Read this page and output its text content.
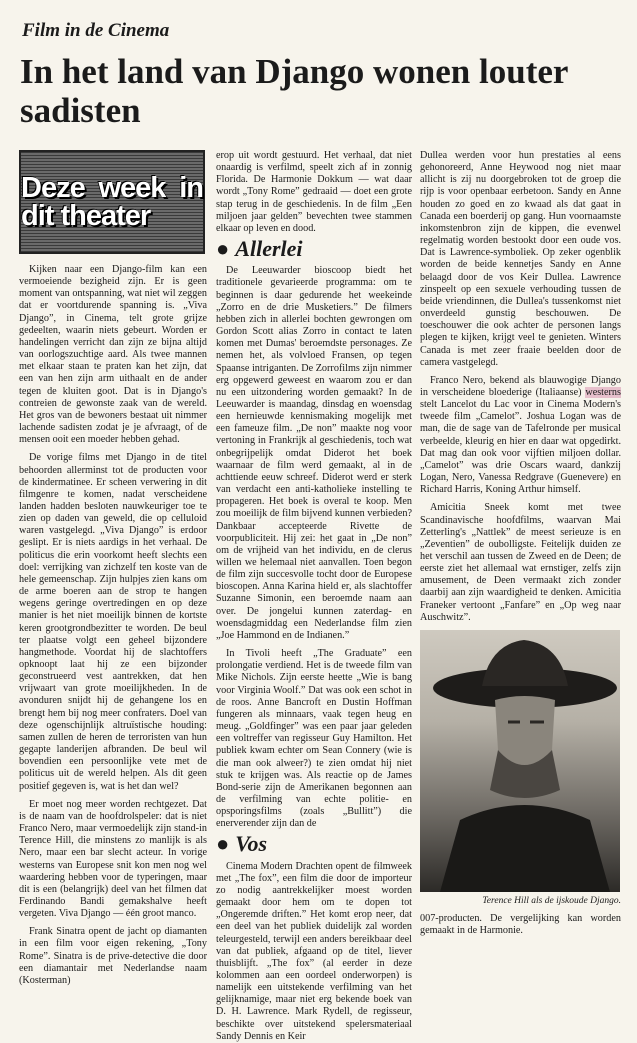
Film in de Cinema
In het land van Django wonen louter sadisten
Deze week in dit theater

Kijken naar een Django-film kan een vermoeiende bezigheid zijn. Er is geen moment van ontspanning, wat niet wil zeggen dat er voortdurende spanning is. „Viva Django”, in Cinema, telt grote grijze gedeelten, waarin niets gebeurt. Worden er handelingen verricht dan zijn ze bijna altijd van oorlogszuchtige aard. Als twee mannen met elkaar staan te praten kan het zijn, dat een van hen zijn arm uithaalt en de ander tegen de kluiten goot. Dat is in Django's contreien de gewonste zaak van de wereld. Het gros van de bewoners bestaat uit nimmer lachende sadisten zodat je je afvraagt, of de mensen ooit een moeder hebben gehad.

De vorige films met Django in de titel behoorden allerminst tot de producten voor de kindermatinee. Er scheen verwering in dit filmgenre te komen, nadat verscheidene landen hadden besloten nauwkeuriger toe te zien op daden van geweld, die op celluloid waren vastgelegd. „Viva Django” is erdoor geslipt. Er is niets aardigs in het verhaal. De politicus die erin voorkomt heeft slechts een doel: verrijking van zichzelf ten koste van de hele gemeenschap. Zijn hulpjes zien kans om de arme boeren aan de strop te hangen wegens geringe overtredingen en op deze manier is het niet moeilijk binnen de kortste keren grootgrondbezitter te worden. De beul ter plaatse volgt een geheel bijzondere hangmethode. Voordat hij de slachtoffers opknoopt laat hij ze een bijzonder geconstrueerd vest aantrekken, dat hen vrijwaart van grote moeilijkheden. In de avonduren snijdt hij de gehangene los en brengt hem bij nog meer confraters. Doel van deze ogenschijnlijk altruïstische houding: samen zullen de heren de terroristen van hun gegapte landerijen afbranden. De beul wil bovendien een persoonlijke vete met de politicus uit de wereld helpen. Als dit geen positief gegeven is, wat is het dan wel?

Er moet nog meer worden rechtgezet. Dat is de naam van de hoofdrolspeler: dat is niet Franco Nero, maar vermoedelijk zijn stand-in Terence Hill, die minstens zo manlijk is als Nero, maar een bar slecht acteur. In vorige westerns van Europese snit kon men nog wel waardering hebben voor de typeringen, maar dit is een (belangrijk) deel van het filmen dat Ferdinando Bandi gemakshalve heeft vergeten. Viva Django — één groot manco.

Frank Sinatra opent de jacht op diamanten in een film voor eigen rekening, „Tony Rome”. Sinatra is de prive-detective die door een diamantair met Nederlandse naam (Kosterman)

erop uit wordt gestuurd. Het verhaal, dat niet onaardig is verfilmd, speelt zich af in zonnig Florida. De Harmonie Dokkum — wat daar wordt „Tony Rome” gedraaid — doet een grote stap terug in de geschiedenis. In de film „Een miljoen jaar gelden” bevechten twee stammen elkaar op leven en dood.

● Allerlei

De Leeuwarder bioscoop biedt het traditionele gevarieerde programma: om te beginnen is daar gedurende het weekeinde „Zorro en de drie Musketiers.” De filmers hebben zich in allerlei bochten gewrongen om Gordon Scott alias Zorro in contact te laten komen met Dumas' beroemdste personages. Ze nemen het, als volvloed Fransen, op tegen Spaanse intriganten. De Zorrofilms zijn nimmer erg opgewerd geweest en waarom zou er dan nu een uitzondering worden gemaakt? In de Leeuwarder is maandag, dinsdag en woensdag een hernieuwde kennismaking mogelijk met een fameuze film. „De non” maakte nog voor vertoning in Frankrijk al geschiedenis, toch wat onbegrijpelijk omdat Diderot het boek waarnaar de film werd gemaakt, al in de achttiende eeuw schreef. Diderot werd er sterk van verdacht een anti-katholieke instelling te propageren. Het boek is overal te koop. Men zou moeilijk de film bijvend kunnen verbieden? Dankbaar accepteerde Rivette de voorpubliciteit. Hij zei: het gaat in „De non” om de vrijheid van het individu, en de clerus willen we helemaal niet aanvallen. Toen begon de film zijn succesvolle tocht door de Europese bioscopen. Anna Karina hield er, als slachtoffer Suzanne Simonin, een beroemde naam aan over. De jongelui kunnen zaterdag- en woensdagmiddag een Nederlandse film zien „Joe Hammond en de Indianen.”

In Tivoli heeft „The Graduate” een prolongatie verdiend. Het is de tweede film van Mike Nichols. Zijn eerste heette „Wie is bang voor Virginia Woolf.” Dat was ook een schot in de roos. Anne Bancroft en Dustin Hoffman fungeren als minnaars, vaak tegen heug en meug. „Goldfinger” was een paar jaar geleden een voltreffer van regisseur Guy Hamilton. Het publiek kwam echter om Sean Connery (wie is die man ook alweer?) te zien omdat hij niet stuk te krijgen was. Als reactie op de James Bond-serie zijn de Amerikanen begonnen aan de verfilming van echte politie- en opsporingsfilms (zoals „Bullitt”) die enerverender zijn dan de

● Vos

Cinema Modern Drachten opent de filmweek met „The fox”, een film die door de importeur zo nodig aantrekkelijker moest worden gemaakt door hem om te dopen tot „Ongeremde driften.” Het komt erop neer, dat een deel van het publiek duidelijk zal worden teleurgesteld, terwijl een anders bereikbaar deel van dat publiek, afgaand op de titel, liever thuisblijft. „The fox” (al eerder in deze kolommen aan een oordeel onderworpen) is namelijk een uitstekende verfilming van het gelijknamige, maar niet erg bekende boek van D. H. Lawrence. Mark Rydell, de regisseur, beschikte over uitstekend spelersmateriaal Sandy Dennis en Keir

Dullea werden voor hun prestaties al eens gehonoreerd, Anne Heywood nog niet maar allicht is zij nu doorgebroken tot de groep die rijp is voor openbaar eerbetoon. Sandy en Anne houden zo goed en zo kwaad als dat gaat in Canada een boerderij op gang. Hun voornaamste inkomstenbron zijn de kippen, die evenwel regelmatig worden bestookt door een oude vos. Dat is Lawrence-symboliek. Op zeker ogenblik worden de beide kennetjes Sandy en Anne belaagd door de vos Keir Dullea. Lawrence zinspeelt op een sexuele verhouding tussen de beide vriendinnen, die Dullea's tussenkomst niet onverdeeld gunstig beschouwen. De toeschouwer die ook achter de personen langs plegen te kijken, krijgt veel te genieten. Winters Canada is met zeer fraaie beelden door de camera vastgelegd.

Franco Nero, bekend als blauwogige Django in verscheidene bloederige (Italiaanse) westerns stelt Lancelot du Lac voor in Cinema Modern's tweede film „Camelot”. Joshua Logan was de man, die de sage van de Tafelronde per musical verbeelde, kleurig en hier en daar wat opgedirkt. Dat mag dan ook voor vijftien miljoen dollar. „Camelot” was drie Oscars waard, dankzij Logan, Nero, Vanessa Redgrave (Guenevere) en Richard Harris, Koning Arthur himself.

Amicitia Sneek komt met twee Scandinavische hoofdfilms, waarvan Mai Zetterling's „Nattlek” de meest serieuze is en „Zeventien” de oubolligste. Feitelijk duiden ze het verschil aan tussen de Zweed en de Deen; de eerste ziet het allemaal wat ernstiger, zelfs zijn amusement, de Deen vermaakt zich zonder daarbij aan zijn waardigheid te denken. Amicitia Franeker vertoont „Fanfare” en „Op weg naar Auschwitz”.

Terence Hill als de ijskoude Django.

007-producten. De vergelijking kan worden gemaakt in de Harmonie.
